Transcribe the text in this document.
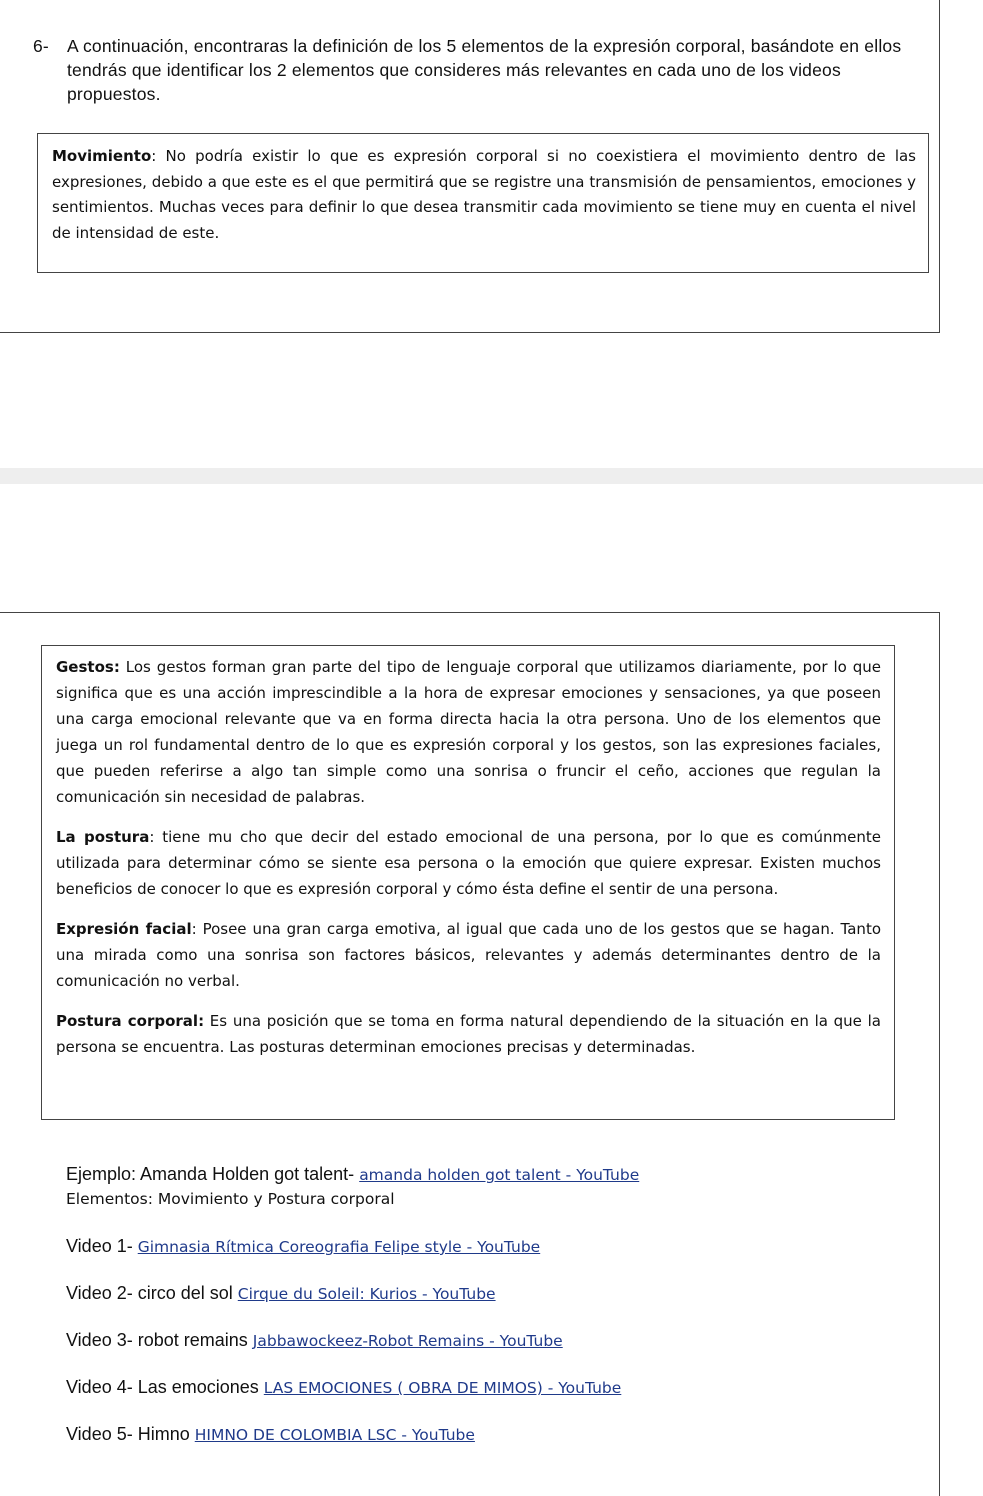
6- A continuación, encontraras la definición de los 5 elementos de la expresión corporal, basándote en ellos tendrás que identificar los 2 elementos que consideres más relevantes en cada uno de los videos propuestos.
Movimiento: No podría existir lo que es expresión corporal si no coexistiera el movimiento dentro de las expresiones, debido a que este es el que permitirá que se registre una transmisión de pensamientos, emociones y sentimientos. Muchas veces para definir lo que desea transmitir cada movimiento se tiene muy en cuenta el nivel de intensidad de este.

Gestos: Los gestos forman gran parte del tipo de lenguaje corporal que utilizamos diariamente, por lo que significa que es una acción imprescindible a la hora de expresar emociones y sensaciones, ya que poseen una carga emocional relevante que va en forma directa hacia la otra persona. Uno de los elementos que juega un rol fundamental dentro de lo que es expresión corporal y los gestos, son las expresiones faciales, que pueden referirse a algo tan simple como una sonrisa o fruncir el ceño, acciones que regulan la comunicación sin necesidad de palabras.

La postura: tiene mu cho que decir del estado emocional de una persona, por lo que es comúnmente utilizada para determinar cómo se siente esa persona o la emoción que quiere expresar. Existen muchos beneficios de conocer lo que es expresión corporal y cómo ésta define el sentir de una persona.

Expresión facial: Posee una gran carga emotiva, al igual que cada uno de los gestos que se hagan. Tanto una mirada como una sonrisa son factores básicos, relevantes y además determinantes dentro de la comunicación no verbal.

Postura corporal: Es una posición que se toma en forma natural dependiendo de la situación en la que la persona se encuentra. Las posturas determinan emociones precisas y determinadas.

Ejemplo: Amanda Holden got talent- amanda holden got talent - YouTube
Elementos: Movimiento y Postura corporal
Video 1- Gimnasia Rítmica Coreografia Felipe style - YouTube
Video 2- circo del sol Cirque du Soleil: Kurios - YouTube
Video 3- robot remains Jabbawockeez-Robot Remains - YouTube
Video 4- Las emociones LAS EMOCIONES ( OBRA DE MIMOS) - YouTube
Video 5- Himno HIMNO DE COLOMBIA LSC - YouTube
